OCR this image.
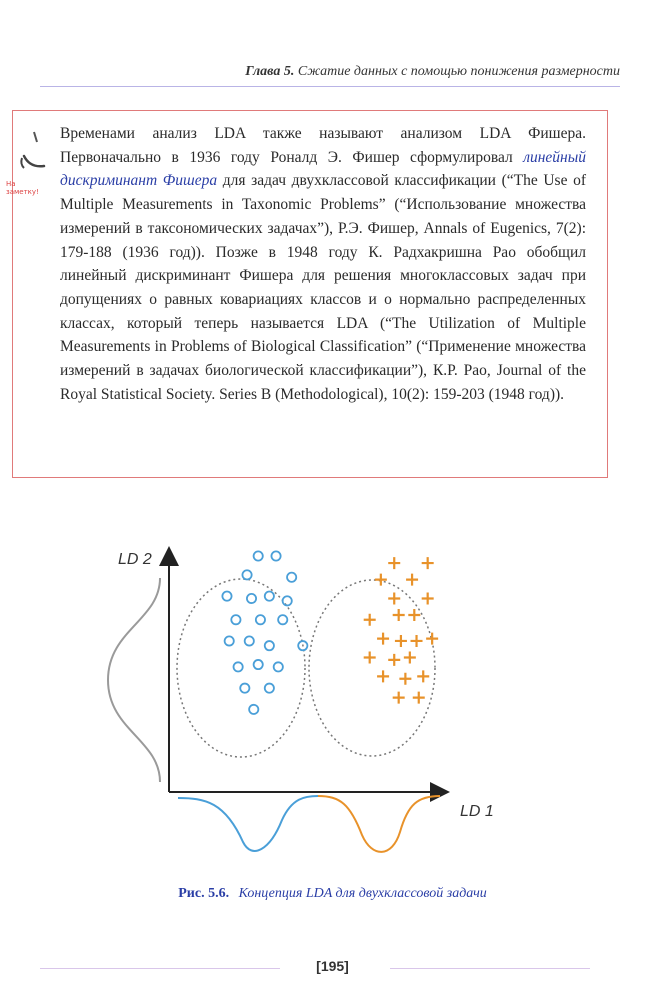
Глава 5. Сжатие данных с помощью понижения размерности
На
заметку!
Временами анализ LDA также называют анализом LDA Фишера. Первоначально в 1936 году Роналд Э. Фишер сформулировал линейный дискриминант Фишера для задач двухклассовой классификации (“The Use of Multiple Measurements in Taxonomic Problems” (“Использование множества измерений в таксономических задачах”), Р.Э. Фишер, Annals of Eugenics, 7(2): 179-188 (1936 год)). Позже в 1948 году К. Радхакришна Рао обобщил линейный дискриминант Фишера для решения многоклассовых задач при допущениях о равных ковариациях классов и о нормально распределенных классах, который теперь называется LDA (“The Utilization of Multiple Measurements in Problems of Biological Classification” (“Применение множества измерений в задачах биологической классификации”), К.Р. Рао, Journal of the Royal Statistical Society. Series B (Methodological), 10(2): 159-203 (1948 год)).
LD 2
LD 1
Рис. 5.6. Концепция LDA для двухклассовой задачи
[195]
